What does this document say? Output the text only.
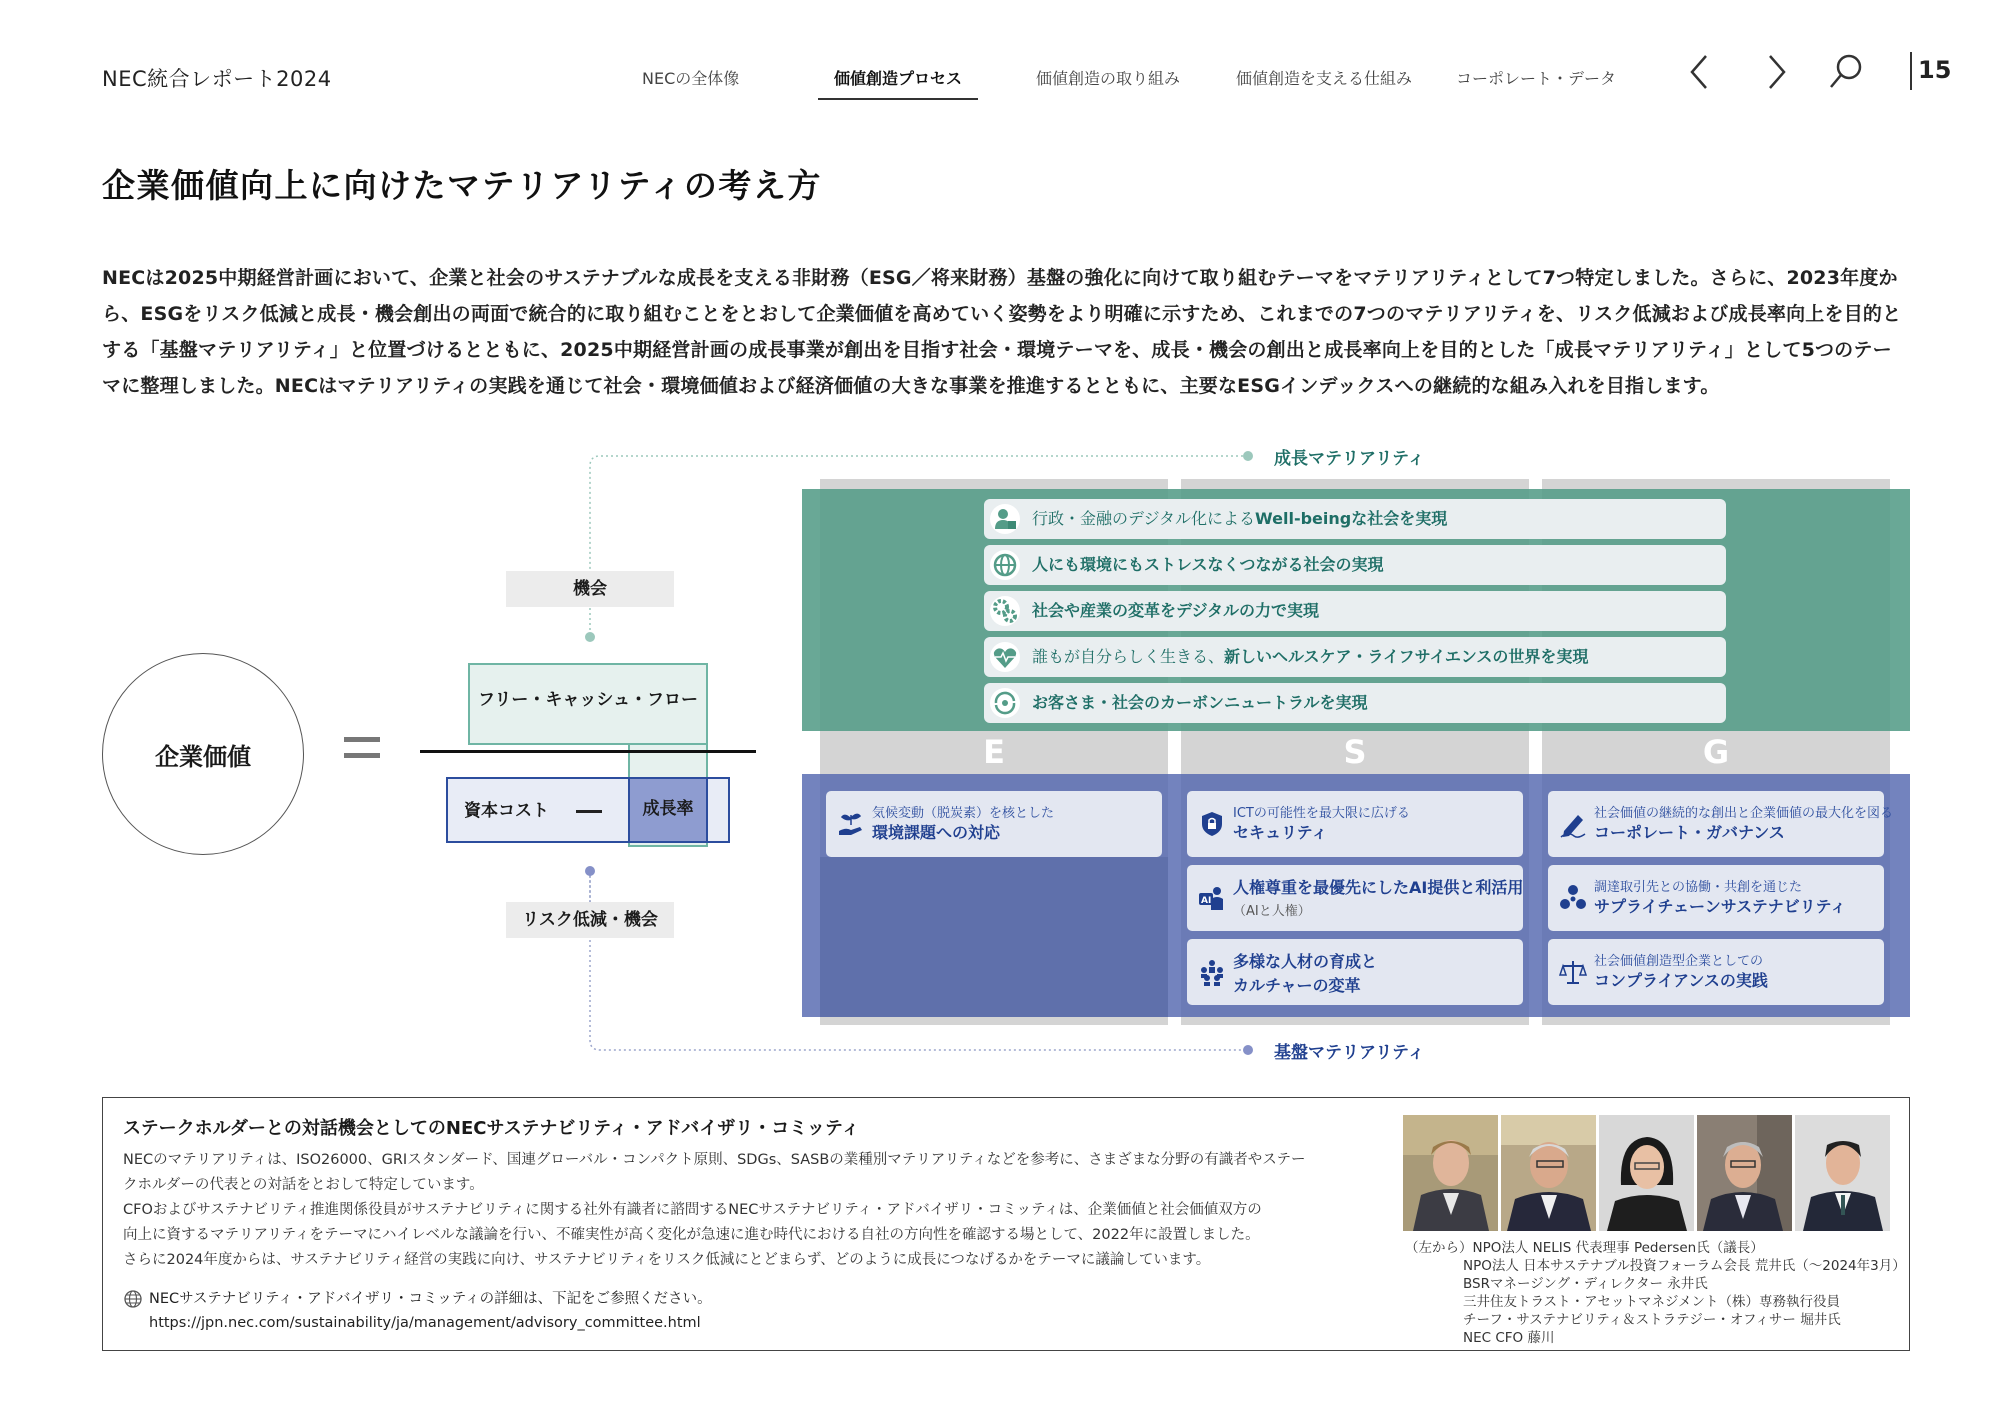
NEC統合レポート2024	NECの全体像	価値創造プロセス	価値創造の取り組み	価値創造を支える仕組み	コーポレート・データ	15
企業価値向上に向けたマテリアリティの考え方
NECは2025中期経営計画において、企業と社会のサステナブルな成長を支える非財務（ESG／将来財務）基盤の強化に向けて取り組むテーマをマテリアリティとして7つ特定しました。さらに、2023年度から、ESGをリスク低減と成長・機会創出の両面で統合的に取り組むことをとおして企業価値を高めていく姿勢をより明確に示すため、これまでの7つのマテリアリティを、リスク低減および成長率向上を目的とする「基盤マテリアリティ」と位置づけるとともに、2025中期経営計画の成長事業が創出を目指す社会・環境テーマを、成長・機会の創出と成長率向上を目的とした「成長マテリアリティ」として5つのテーマに整理しました。NECはマテリアリティの実践を通じて社会・環境価値および経済価値の大きな事業を推進するとともに、主要なESGインデックスへの継続的な組み入れを目指します。
企業価値
機会
フリー・キャッシュ・フロー
資本コスト	成長率
リスク低減・機会
成長マテリアリティ
基盤マテリアリティ
E	S	G
行政・金融のデジタル化によるWell-beingな社会を実現
人にも環境にもストレスなくつながる社会の実現
社会や産業の変革をデジタルの力で実現
誰もが自分らしく生きる、新しいヘルスケア・ライフサイエンスの世界を実現
お客さま・社会のカーボンニュートラルを実現
気候変動（脱炭素）を核とした
環境課題への対応
ICTの可能性を最大限に広げる
セキュリティ
AI
人権尊重を最優先にしたAI提供と利活用
（AIと人権）
多様な人材の育成と
カルチャーの変革
社会価値の継続的な創出と企業価値の最大化を図る
コーポレート・ガバナンス
調達取引先との協働・共創を通じた
サプライチェーンサステナビリティ
社会価値創造型企業としての
コンプライアンスの実践
ステークホルダーとの対話機会としてのNECサステナビリティ・アドバイザリ・コミッティ
NECのマテリアリティは、ISO26000、GRIスタンダード、国連グローバル・コンパクト原則、SDGs、SASBの業種別マテリアリティなどを参考に、さまざまな分野の有識者やステー
クホルダーの代表との対話をとおして特定しています。
CFOおよびサステナビリティ推進関係役員がサステナビリティに関する社外有識者に諮問するNECサステナビリティ・アドバイザリ・コミッティは、企業価値と社会価値双方の
向上に資するマテリアリティをテーマにハイレベルな議論を行い、不確実性が高く変化が急速に進む時代における自社の方向性を確認する場として、2022年に設置しました。
さらに2024年度からは、サステナビリティ経営の実践に向け、サステナビリティをリスク低減にとどまらず、どのように成長につなげるかをテーマに議論しています。
NECサステナビリティ・アドバイザリ・コミッティの詳細は、下記をご参照ください。
https://jpn.nec.com/sustainability/ja/management/advisory_committee.html
（左から）NPO法人 NELIS 代表理事 Pedersen氏（議長）
NPO法人 日本サステナブル投資フォーラム会長 荒井氏（〜2024年3月）
BSRマネージング・ディレクター 永井氏
三井住友トラスト・アセットマネジメント（株）専務執行役員
チーフ・サステナビリティ＆ストラテジー・オフィサー 堀井氏
NEC CFO 藤川
